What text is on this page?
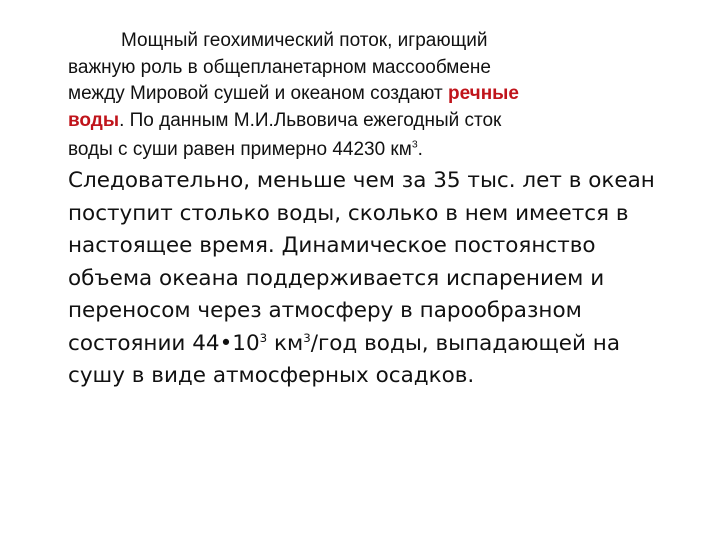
Мощный геохимический поток, играющий
важную роль в общепланетарном массообмене
между Мировой сушей и океаном создают речные
воды. По данным М.И.Львовича ежегодный сток
воды с суши равен примерно 44230 $км^3$.

Следовательно, меньше чем за 35 тыс. лет в океан
поступит столько воды, сколько в нем имеется в
настоящее время. Динамическое постоянство
объема океана поддерживается испарением и
переносом через атмосферу в парообразном
состоянии $44•10^3$ $км^3$/год воды, выпадающей на
сушу в виде атмосферных осадков.
